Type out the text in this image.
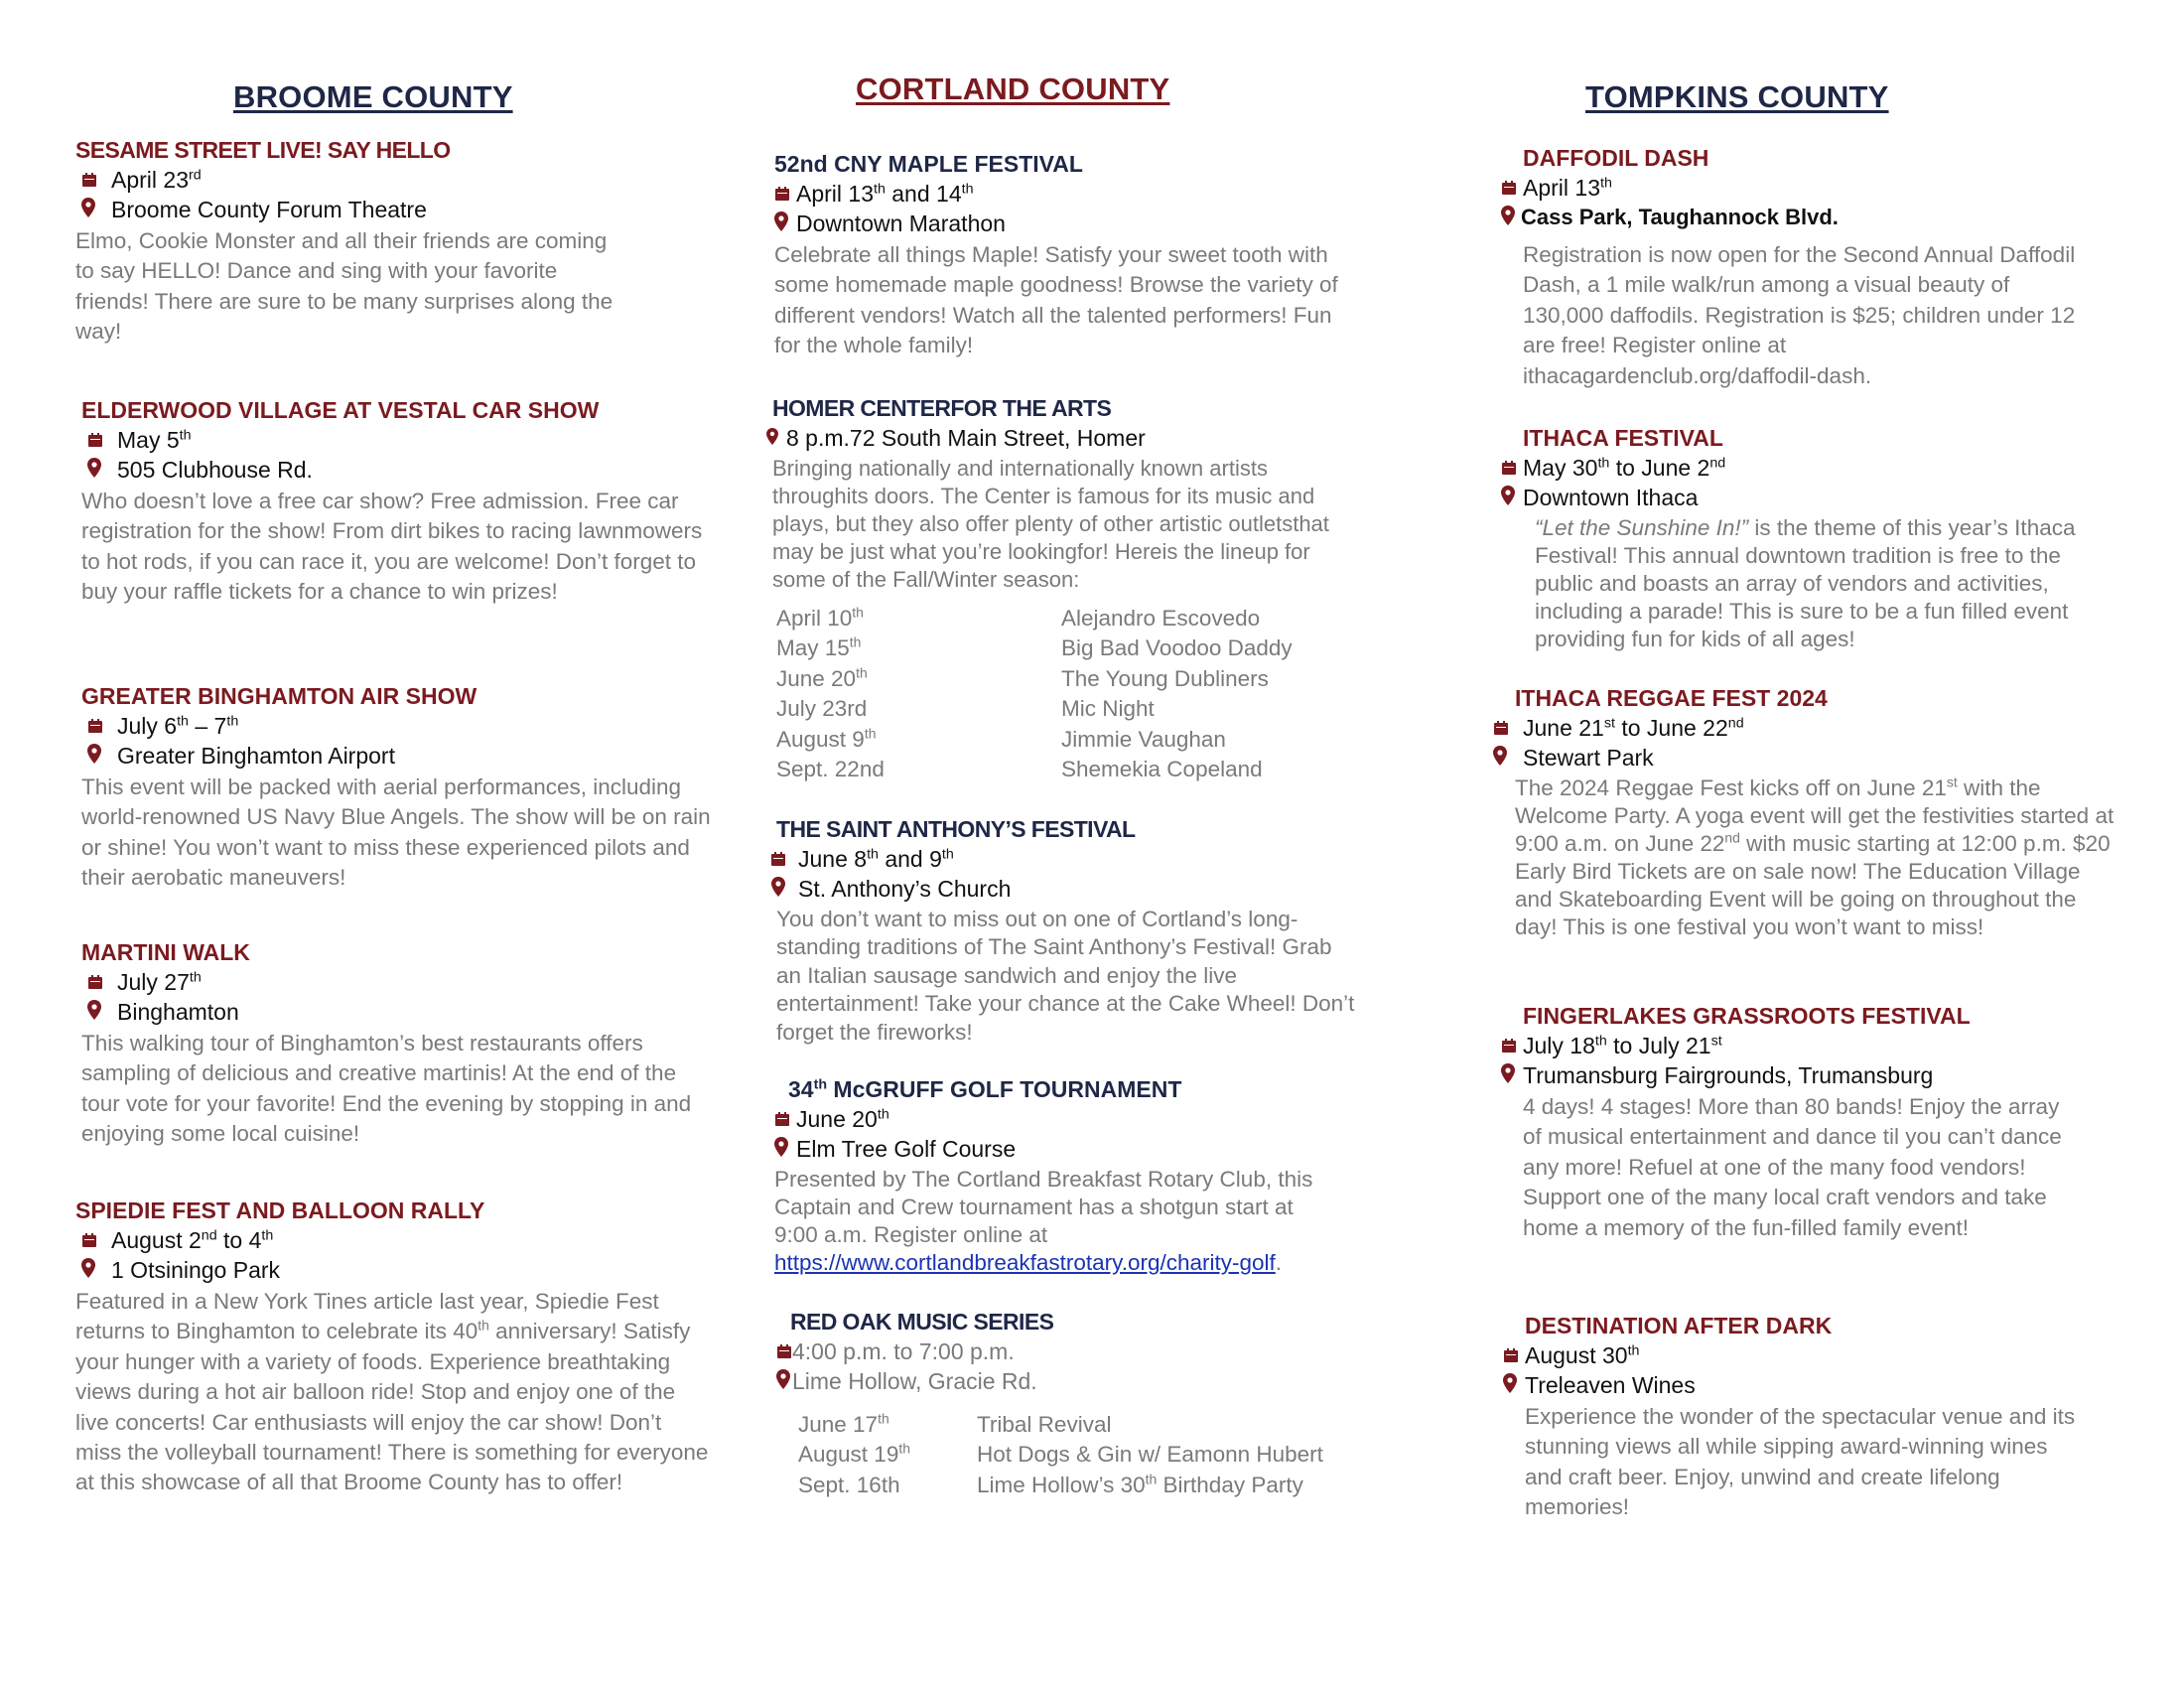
BROOME COUNTY
SESAME STREET LIVE! SAY HELLO
April 23rd
Broome County Forum Theatre
Elmo, Cookie Monster and all their friends are coming to say HELLO! Dance and sing with your favorite friends! There are sure to be many surprises along the way!
ELDERWOOD VILLAGE AT VESTAL CAR SHOW
May 5th
505 Clubhouse Rd.
Who doesn’t love a free car show? Free admission. Free car registration for the show! From dirt bikes to racing lawnmowers to hot rods, if you can race it, you are welcome! Don’t forget to buy your raffle tickets for a chance to win prizes!
GREATER BINGHAMTON AIR SHOW
July 6th – 7th
Greater Binghamton Airport
This event will be packed with aerial performances, including world-renowned US Navy Blue Angels. The show will be on rain or shine! You won’t want to miss these experienced pilots and their aerobatic maneuvers!
MARTINI WALK
July 27th
Binghamton
This walking tour of Binghamton’s best restaurants offers sampling of delicious and creative martinis! At the end of the tour vote for your favorite! End the evening by stopping in and enjoying some local cuisine!
SPIEDIE FEST AND BALLOON RALLY
August 2nd to 4th
1 Otsiningo Park
Featured in a New York Tines article last year, Spiedie Fest returns to Binghamton to celebrate its 40th anniversary! Satisfy your hunger with a variety of foods. Experience breathtaking views during a hot air balloon ride! Stop and enjoy one of the live concerts! Car enthusiasts will enjoy the car show! Don’t miss the volleyball tournament! There is something for everyone at this showcase of all that Broome County has to offer!
CORTLAND COUNTY
52nd CNY MAPLE FESTIVAL
April 13th and 14th
Downtown Marathon
Celebrate all things Maple! Satisfy your sweet tooth with some homemade maple goodness! Browse the variety of different vendors! Watch all the talented performers! Fun for the whole family!
HOMER CENTERFOR THE ARTS
8 p.m.72 South Main Street, Homer
Bringing nationally and internationally known artists throughits doors. The Center is famous for its music and plays, but they also offer plenty of other artistic outletsthat may be just what you’re lookingfor! Hereis the lineup for some of the Fall/Winter season:
April 10th	Alejandro Escovedo
May 15th	Big Bad Voodoo Daddy
June 20th	The Young Dubliners
July 23rd	Mic Night
August 9th	Jimmie Vaughan
Sept. 22nd	Shemekia Copeland
THE SAINT ANTHONY’S FESTIVAL
June 8th and 9th
St. Anthony’s Church
You don’t want to miss out on one of Cortland’s long-standing traditions of The Saint Anthony’s Festival! Grab an Italian sausage sandwich and enjoy the live entertainment! Take your chance at the Cake Wheel! Don’t forget the fireworks!
34th McGRUFF GOLF TOURNAMENT
June 20th
Elm Tree Golf Course
Presented by The Cortland Breakfast Rotary Club, this Captain and Crew tournament has a shotgun start at 9:00 a.m. Register online at https://www.cortlandbreakfastrotary.org/charity-golf.
RED OAK MUSIC SERIES
4:00 p.m. to 7:00 p.m.
Lime Hollow, Gracie Rd.
June 17th	Tribal Revival
August 19th	Hot Dogs & Gin w/ Eamonn Hubert
Sept. 16th	Lime Hollow’s 30th Birthday Party
TOMPKINS COUNTY
DAFFODIL DASH
April 13th
Cass Park, Taughannock Blvd.
Registration is now open for the Second Annual Daffodil Dash, a 1 mile walk/run among a visual beauty of 130,000 daffodils. Registration is $25; children under 12 are free! Register online at ithacagardenclub.org/daffodil-dash.
ITHACA FESTIVAL
May 30th to June 2nd
Downtown Ithaca
“Let the Sunshine In!” is the theme of this year’s Ithaca Festival! This annual downtown tradition is free to the public and boasts an array of vendors and activities, including a parade! This is sure to be a fun filled event providing fun for kids of all ages!
ITHACA REGGAE FEST 2024
June 21st to June 22nd
Stewart Park
The 2024 Reggae Fest kicks off on June 21st with the Welcome Party. A yoga event will get the festivities started at 9:00 a.m. on June 22nd with music starting at 12:00 p.m. $20 Early Bird Tickets are on sale now! The Education Village and Skateboarding Event will be going on throughout the day! This is one festival you won’t want to miss!
FINGERLAKES GRASSROOTS FESTIVAL
July 18th to July 21st
Trumansburg Fairgrounds, Trumansburg
4 days! 4 stages! More than 80 bands! Enjoy the array of musical entertainment and dance til you can’t dance any more! Refuel at one of the many food vendors! Support one of the many local craft vendors and take home a memory of the fun-filled family event!
DESTINATION AFTER DARK
August 30th
Treleaven Wines
Experience the wonder of the spectacular venue and its stunning views all while sipping award-winning wines and craft beer. Enjoy, unwind and create lifelong memories!
